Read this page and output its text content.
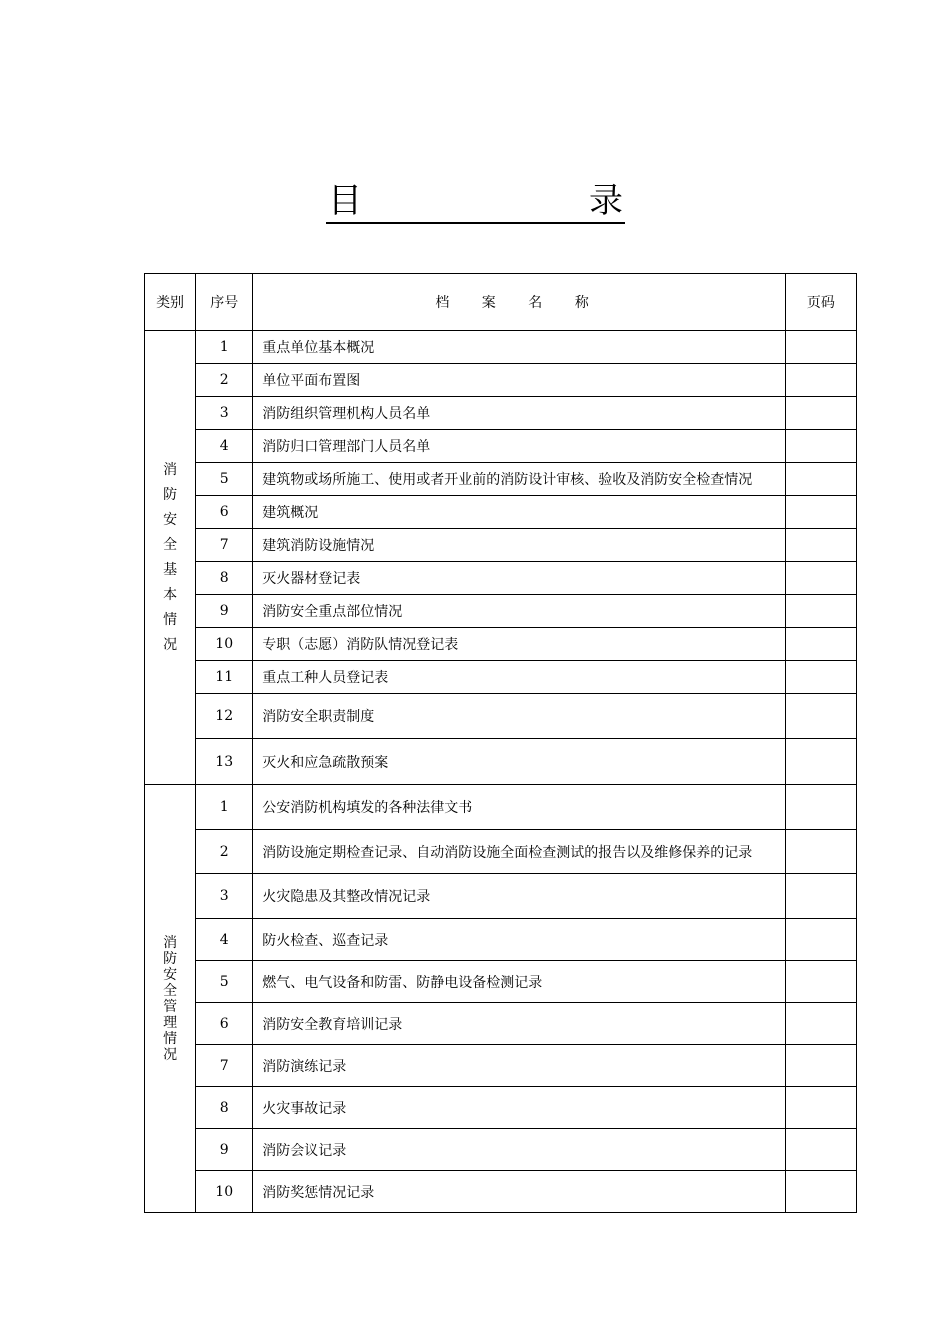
目	录
类别	序号	档 案 名 称	页码
消防安全基本情况	1	重点单位基本概况	
	2	单位平面布置图	
	3	消防组织管理机构人员名单	
	4	消防归口管理部门人员名单	
	5	建筑物或场所施工、使用或者开业前的消防设计审核、验收及消防安全检查情况	
	6	建筑概况	
	7	建筑消防设施情况	
	8	灭火器材登记表	
	9	消防安全重点部位情况	
	10	专职（志愿）消防队情况登记表	
	11	重点工种人员登记表	
	12	消防安全职责制度	
	13	灭火和应急疏散预案	
消防安全管理情况	1	公安消防机构填发的各种法律文书	
	2	消防设施定期检查记录、自动消防设施全面检查测试的报告以及维修保养的记录	
	3	火灾隐患及其整改情况记录	
	4	防火检查、巡查记录	
	5	燃气、电气设备和防雷、防静电设备检测记录	
	6	消防安全教育培训记录	
	7	消防演练记录	
	8	火灾事故记录	
	9	消防会议记录	
	10	消防奖惩情况记录	
